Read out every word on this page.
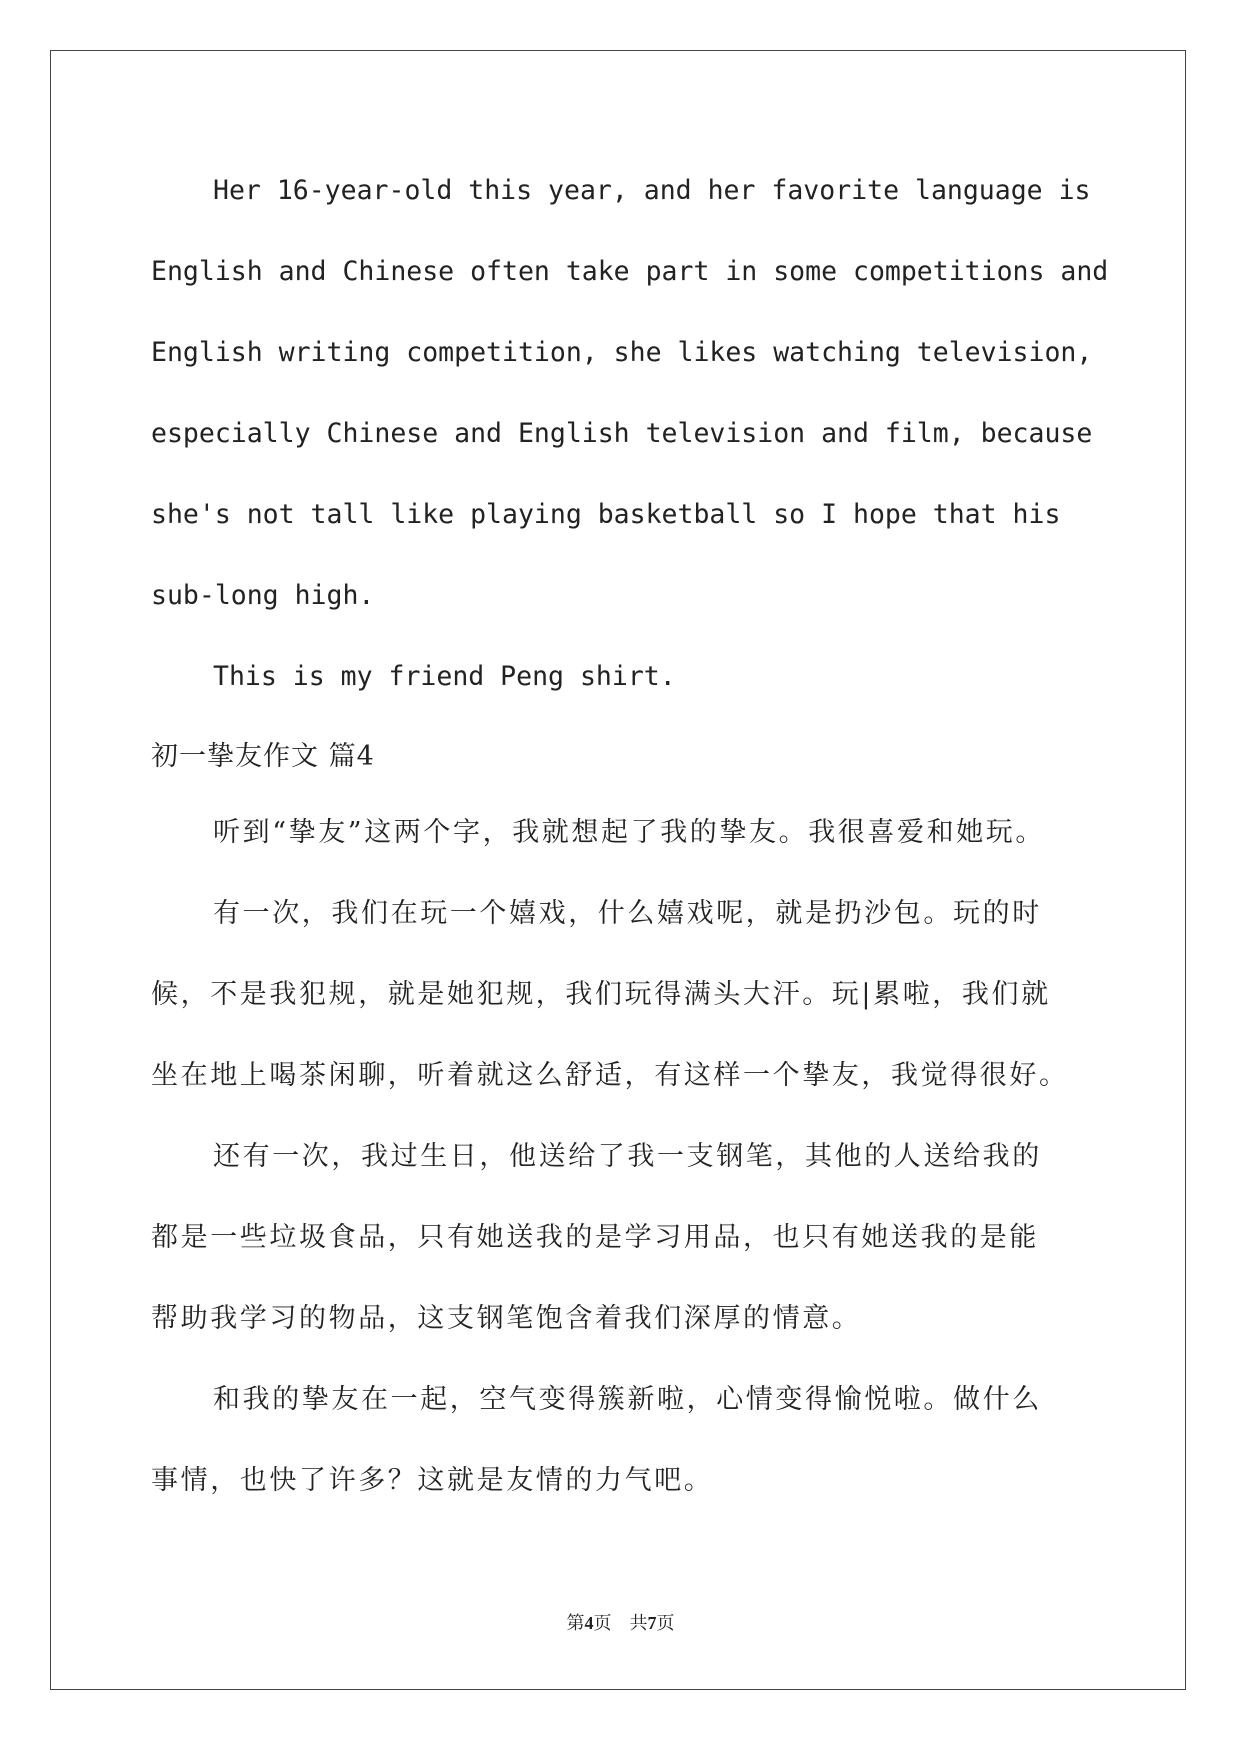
Her 16-year-old this year, and her favorite language is
English and Chinese often take part in some competitions and
English writing competition, she likes watching television,
especially Chinese and English television and film, because
she's not tall like playing basketball so I hope that his
sub-long high.
This is my friend Peng shirt.
初一挚友作文 篇4
听到“挚友”这两个字，我就想起了我的挚友。我很喜爱和她玩。
有一次，我们在玩一个嬉戏，什么嬉戏呢，就是扔沙包。玩的时
候，不是我犯规，就是她犯规，我们玩得满头大汗。玩|累啦，我们就
坐在地上喝茶闲聊，听着就这么舒适，有这样一个挚友，我觉得很好。
还有一次，我过生日，他送给了我一支钢笔，其他的人送给我的
都是一些垃圾食品，只有她送我的是学习用品，也只有她送我的是能
帮助我学习的物品，这支钢笔饱含着我们深厚的情意。
和我的挚友在一起，空气变得簇新啦，心情变得愉悦啦。做什么
事情，也快了许多？这就是友情的力气吧。
第4页 共7页
